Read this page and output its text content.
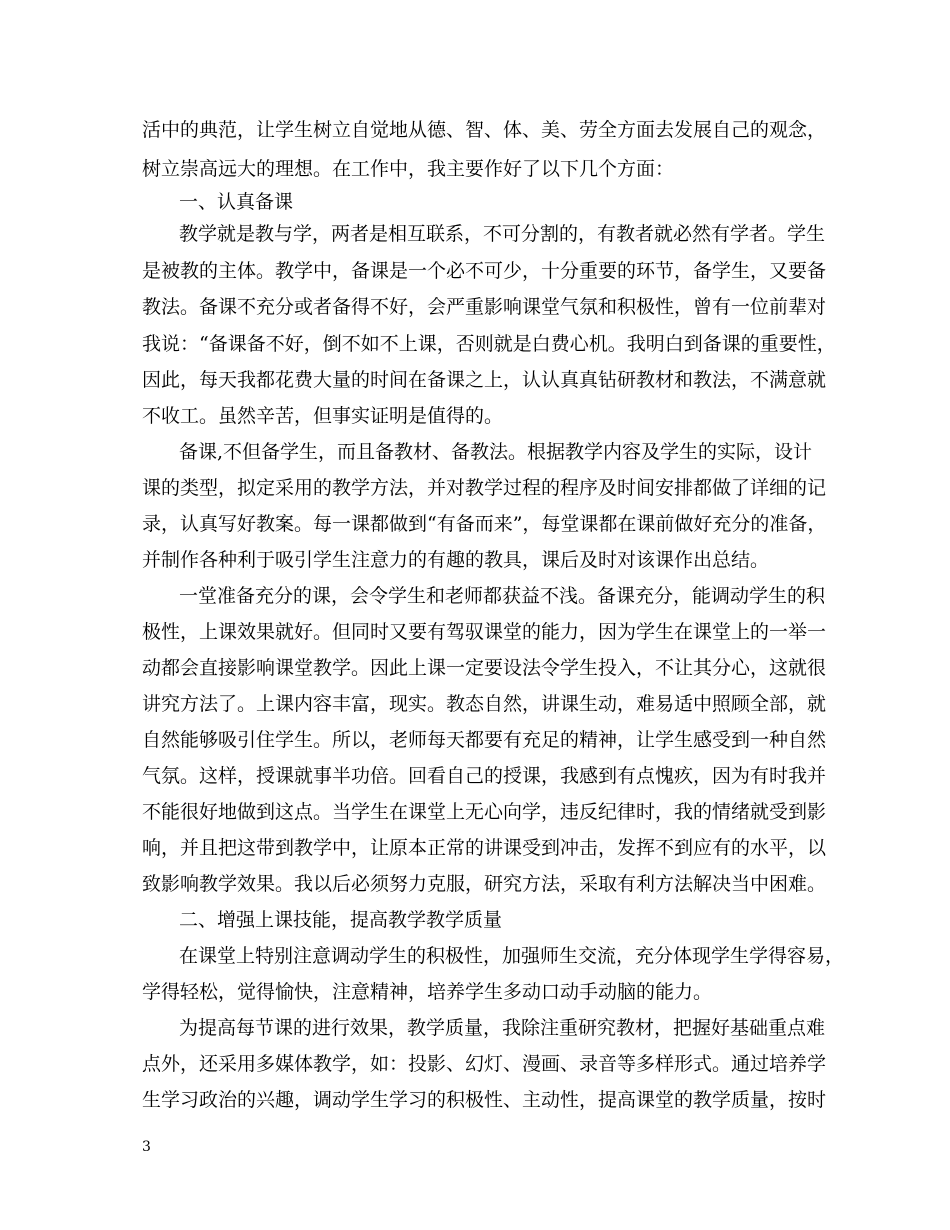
活中的典范，让学生树立自觉地从德、智、体、美、劳全方面去发展自己的观念，
树立崇高远大的理想。在工作中，我主要作好了以下几个方面：
一、认真备课
教学就是教与学，两者是相互联系，不可分割的，有教者就必然有学者。学生
是被教的主体。教学中，备课是一个必不可少，十分重要的环节，备学生，又要备
教法。备课不充分或者备得不好，会严重影响课堂气氛和积极性，曾有一位前辈对
我说：“备课备不好，倒不如不上课，否则就是白费心机。我明白到备课的重要性，
因此，每天我都花费大量的时间在备课之上，认认真真钻研教材和教法，不满意就
不收工。虽然辛苦，但事实证明是值得的。
备课,不但备学生，而且备教材、备教法。根据教学内容及学生的实际，设计
课的类型，拟定采用的教学方法，并对教学过程的程序及时间安排都做了详细的记
录，认真写好教案。每一课都做到“有备而来”，每堂课都在课前做好充分的准备，
并制作各种利于吸引学生注意力的有趣的教具，课后及时对该课作出总结。
一堂准备充分的课，会令学生和老师都获益不浅。备课充分，能调动学生的积
极性，上课效果就好。但同时又要有驾驭课堂的能力，因为学生在课堂上的一举一
动都会直接影响课堂教学。因此上课一定要设法令学生投入，不让其分心，这就很
讲究方法了。上课内容丰富，现实。教态自然，讲课生动，难易适中照顾全部，就
自然能够吸引住学生。所以，老师每天都要有充足的精神，让学生感受到一种自然
气氛。这样，授课就事半功倍。回看自己的授课，我感到有点愧疚，因为有时我并
不能很好地做到这点。当学生在课堂上无心向学，违反纪律时，我的情绪就受到影
响，并且把这带到教学中，让原本正常的讲课受到冲击，发挥不到应有的水平，以
致影响教学效果。我以后必须努力克服，研究方法，采取有利方法解决当中困难。
二、增强上课技能，提高教学教学质量
在课堂上特别注意调动学生的积极性，加强师生交流，充分体现学生学得容易，
学得轻松，觉得愉快，注意精神，培养学生多动口动手动脑的能力。
为提高每节课的进行效果，教学质量，我除注重研究教材，把握好基础重点难
点外，还采用多媒体教学，如：投影、幻灯、漫画、录音等多样形式。通过培养学
生学习政治的兴趣，调动学生学习的积极性、主动性，提高课堂的教学质量，按时
3
